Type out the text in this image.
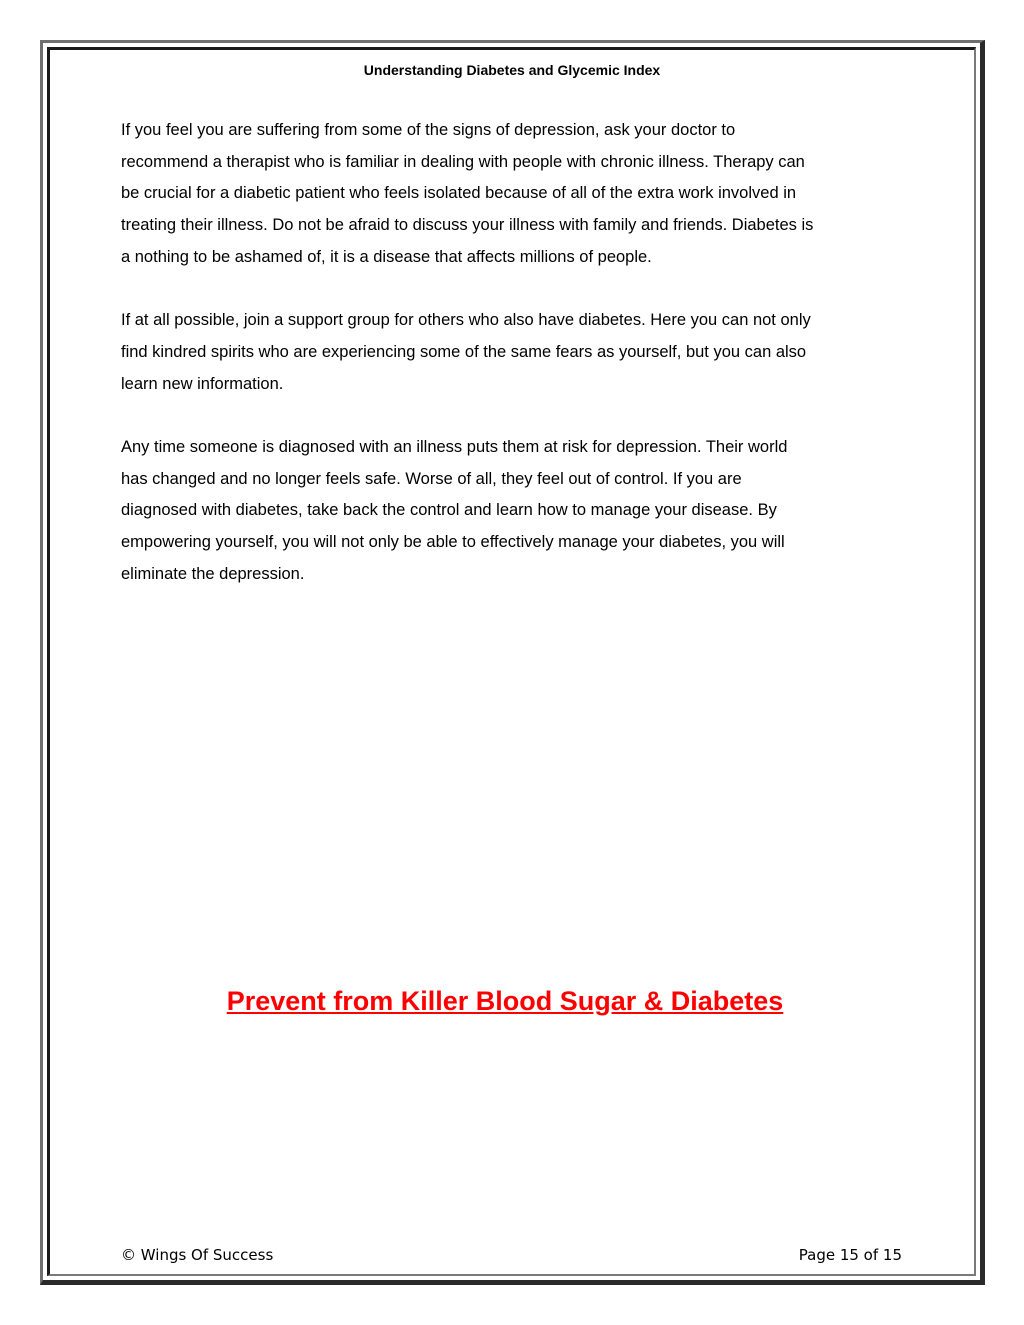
Understanding Diabetes and Glycemic Index
If you feel you are suffering from some of the signs of depression, ask your doctor to
recommend a therapist who is familiar in dealing with people with chronic illness. Therapy can
be crucial for a diabetic patient who feels isolated because of all of the extra work involved in
treating their illness. Do not be afraid to discuss your illness with family and friends. Diabetes is
a nothing to be ashamed of, it is a disease that affects millions of people.
If at all possible, join a support group for others who also have diabetes. Here you can not only
find kindred spirits who are experiencing some of the same fears as yourself, but you can also
learn new information.
Any time someone is diagnosed with an illness puts them at risk for depression. Their world
has changed and no longer feels safe. Worse of all, they feel out of control. If you are
diagnosed with diabetes, take back the control and learn how to manage your disease. By
empowering yourself, you will not only be able to effectively manage your diabetes, you will
eliminate the depression.
Prevent from Killer Blood Sugar & Diabetes
© Wings Of Success	Page 15 of 15
